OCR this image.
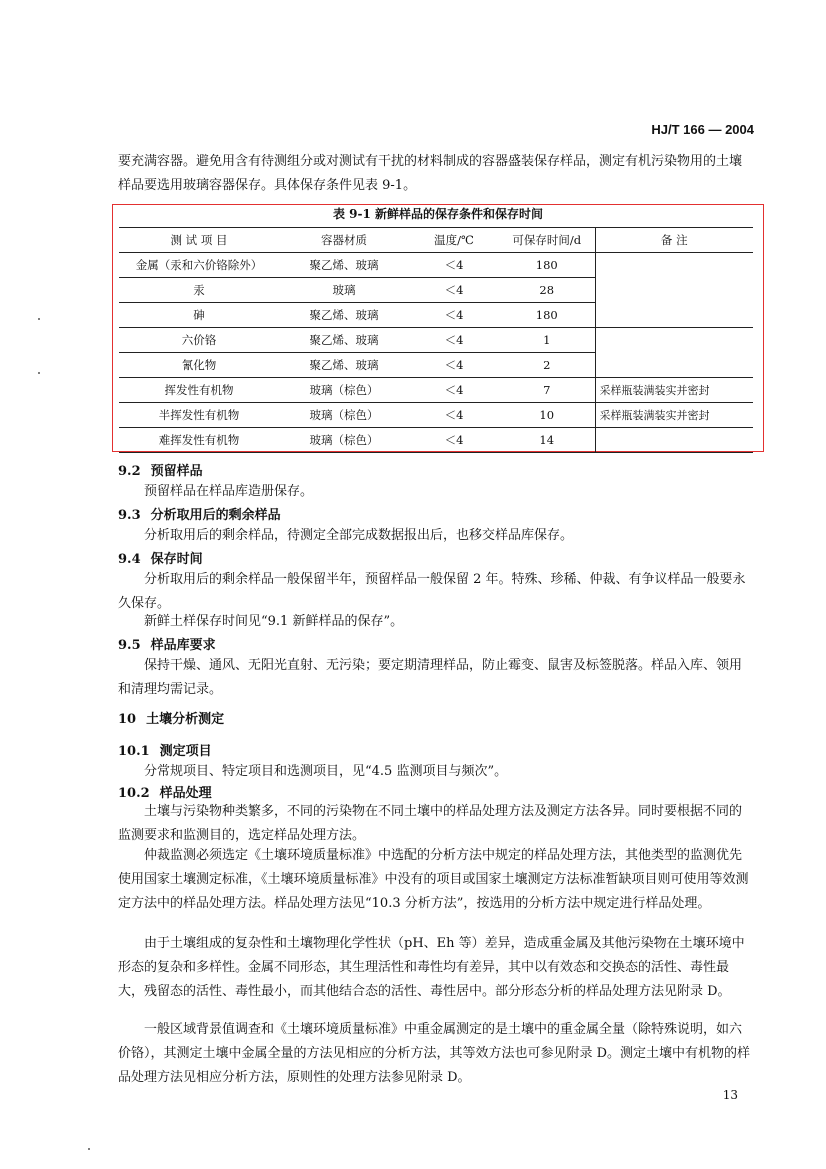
HJ/T 166 — 2004

要充满容器。避免用含有待测组分或对测试有干扰的材料制成的容器盛装保存样品，测定有机污染物用的土壤样品要选用玻璃容器保存。具体保存条件见表 9-1。

表 9-1 新鲜样品的保存条件和保存时间
测 试 项 目	容器材质	温度/℃	可保存时间/d	备 注
金属（汞和六价铬除外）	聚乙烯、玻璃	＜4	180	
汞	玻璃	＜4	28	
砷	聚乙烯、玻璃	＜4	180	
六价铬	聚乙烯、玻璃	＜4	1	
氰化物	聚乙烯、玻璃	＜4	2	
挥发性有机物	玻璃（棕色）	＜4	7	采样瓶装满装实并密封
半挥发性有机物	玻璃（棕色）	＜4	10	采样瓶装满装实并密封
难挥发性有机物	玻璃（棕色）	＜4	14	
9.2 预留样品

预留样品在样品库造册保存。

9.3 分析取用后的剩余样品

分析取用后的剩余样品，待测定全部完成数据报出后，也移交样品库保存。

9.4 保存时间

分析取用后的剩余样品一般保留半年，预留样品一般保留 2 年。特殊、珍稀、仲裁、有争议样品一般要永久保存。

新鲜土样保存时间见“9.1 新鲜样品的保存”。

9.5 样品库要求

保持干燥、通风、无阳光直射、无污染；要定期清理样品，防止霉变、鼠害及标签脱落。样品入库、领用和清理均需记录。

10 土壤分析测定
10.1 测定项目

分常规项目、特定项目和选测项目，见“4.5 监测项目与频次”。

10.2 样品处理

土壤与污染物种类繁多，不同的污染物在不同土壤中的样品处理方法及测定方法各异。同时要根据不同的监测要求和监测目的，选定样品处理方法。

仲裁监测必须选定《土壤环境质量标准》中选配的分析方法中规定的样品处理方法，其他类型的监测优先使用国家土壤测定标准，《土壤环境质量标准》中没有的项目或国家土壤测定方法标准暂缺项目则可使用等效测定方法中的样品处理方法。样品处理方法见“10.3 分析方法”，按选用的分析方法中规定进行样品处理。

由于土壤组成的复杂性和土壤物理化学性状（pH、Eh 等）差异，造成重金属及其他污染物在土壤环境中形态的复杂和多样性。金属不同形态，其生理活性和毒性均有差异，其中以有效态和交换态的活性、毒性最大，残留态的活性、毒性最小，而其他结合态的活性、毒性居中。部分形态分析的样品处理方法见附录 D。

一般区域背景值调查和《土壤环境质量标准》中重金属测定的是土壤中的重金属全量（除特殊说明，如六价铬），其测定土壤中金属全量的方法见相应的分析方法，其等效方法也可参见附录 D。测定土壤中有机物的样品处理方法见相应分析方法，原则性的处理方法参见附录 D。

13
